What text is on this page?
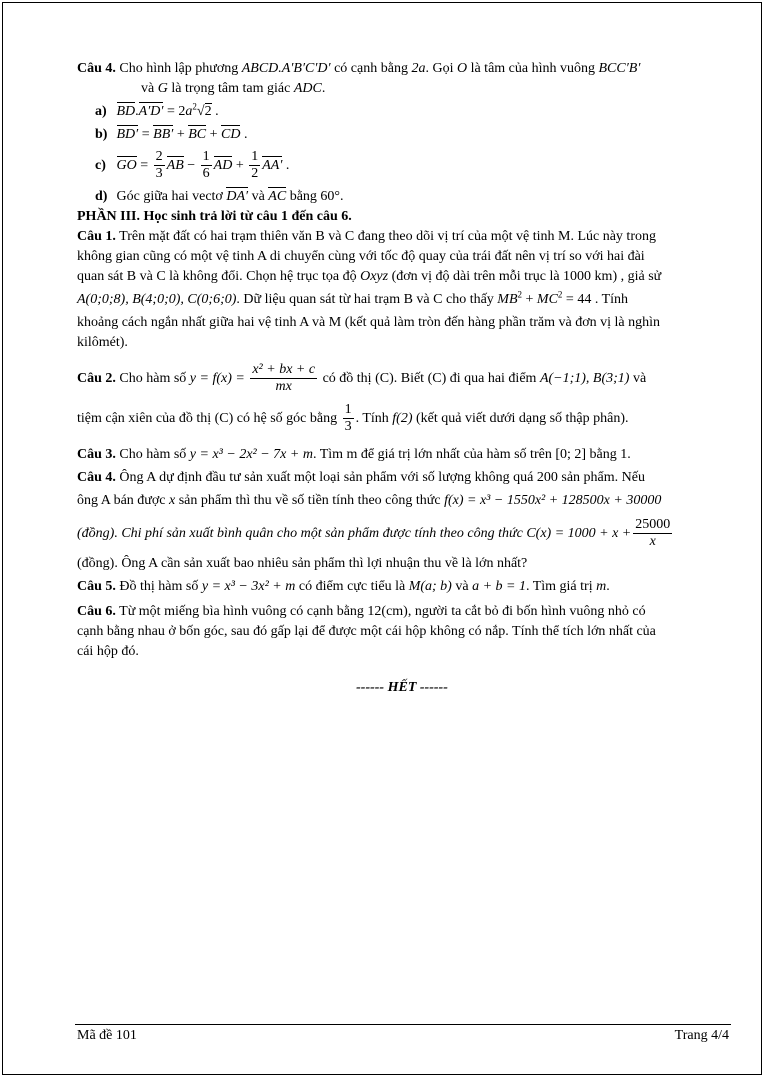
Câu 4. Cho hình lập phương ABCD.A′B′C′D′ có cạnh bằng 2a. Gọi O là tâm của hình vuông BCC′B′
và G là trọng tâm tam giác ADC.
a) $BD.A'D' = 2a^2√2$ .
b) BD′ = BB′ + BC + CD .
c) GO = $\frac{2}{3}$ AB − $\frac{1}{6}$ AD + $\frac{1}{2} AA'$ .
d) Góc giữa hai vectơ DA′ và AC bằng 60°.
PHẦN III. Học sinh trả lời từ câu 1 đến câu 6.
Câu 1. Trên mặt đất có hai trạm thiên văn B và C đang theo dõi vị trí của một vệ tinh M. Lúc này trong
không gian cũng có một vệ tinh A di chuyển cùng với tốc độ quay của trái đất nên vị trí so với hai đài
quan sát B và C là không đổi. Chọn hệ trục tọa độ Oxyz (đơn vị độ dài trên mỗi trục là 1000 km) , giả sử
A(0;0;8), B(4;0;0), C(0;6;0). Dữ liệu quan sát từ hai trạm B và C cho thấy $MB^2 + MC^2 = 44$ . Tính
khoảng cách ngắn nhất giữa hai vệ tinh A và M (kết quả làm tròn đến hàng phần trăm và đơn vị là nghìn
kilômét).
Câu 2. Cho hàm số $y = f(x) = \frac{\text{x² + bx + c}}{mx}$ có đồ thị (C). Biết (C) đi qua hai điểm A(−1;1), B(3;1) và
tiệm cận xiên của đồ thị (C) có hệ số góc bằng $\frac{1}{3}$ . Tính f(2) (kết quả viết dưới dạng số thập phân).
Câu 3. Cho hàm số y = x³ − 2x² − 7x + m. Tìm m để giá trị lớn nhất của hàm số trên [0; 2] bằng 1.
Câu 4. Ông A dự định đầu tư sản xuất một loại sản phẩm với số lượng không quá 200 sản phẩm. Nếu
ông A bán được x sản phẩm thì thu về số tiền tính theo công thức f(x) = x³ − 1550x² + 128500x + 30000
(đồng). Chi phí sản xuất bình quân cho một sản phẩm được tính theo công thức $C(x) = 1000 + x + \frac{25000}{x}$
(đồng). Ông A cần sản xuất bao nhiêu sản phẩm thì lợi nhuận thu về là lớn nhất?
Câu 5. Đồ thị hàm số y = x³ − 3x² + m có điểm cực tiểu là M(a; b) và a + b = 1. Tìm giá trị m.
Câu 6. Từ một miếng bìa hình vuông có cạnh bằng 12(cm), người ta cắt bỏ đi bốn hình vuông nhỏ có
cạnh bằng nhau ở bốn góc, sau đó gấp lại để được một cái hộp không có nắp. Tính thể tích lớn nhất của
cái hộp đó.
------ HẾT ------
Mã đề 101	Trang 4/4
